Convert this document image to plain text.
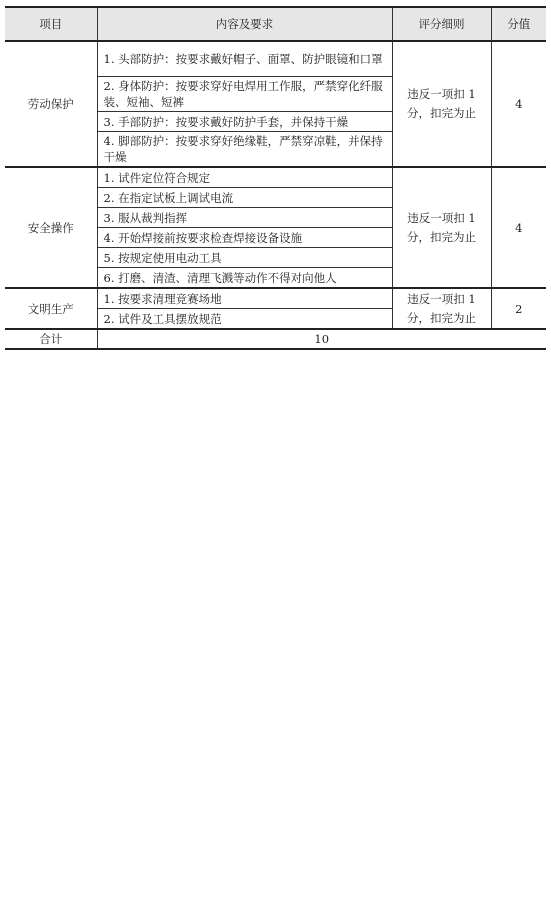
项目	内容及要求	评分细则	分值
劳动保护	1. 头部防护：按要求戴好帽子、面罩、防护眼镜和口罩	违反一项扣 1 分，扣完为止	4
	2. 身体防护：按要求穿好电焊用工作服，严禁穿化纤服装、短袖、短裤		
	3. 手部防护：按要求戴好防护手套，并保持干燥		
	4. 脚部防护：按要求穿好绝缘鞋，严禁穿凉鞋，并保持干燥		
安全操作	1. 试件定位符合规定	违反一项扣 1 分，扣完为止	4
	2. 在指定试板上调试电流		
	3. 服从裁判指挥		
	4. 开始焊接前按要求检查焊接设备设施		
	5. 按规定使用电动工具		
	6. 打磨、清渣、清理飞溅等动作不得对向他人		
文明生产	1. 按要求清理竞赛场地	违反一项扣 1 分，扣完为止	2
	2. 试件及工具摆放规范		
合计	10		
